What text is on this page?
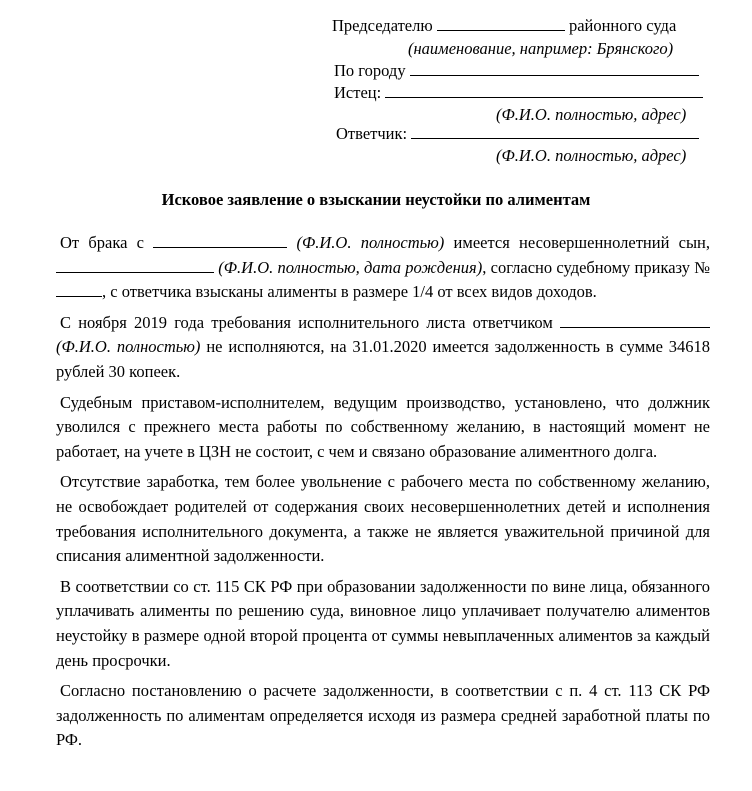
Председателю	районного суда
(наименование, например: Брянского)
По городу
Истец:
(Ф.И.О. полностью, адрес)
Ответчик:
(Ф.И.О. полностью, адрес)
Исковое заявление о взыскании неустойки по алиментам

От брака с	(Ф.И.О. полностью) имеется несовершеннолетний сын,  (Ф.И.О. полностью, дата рождения), согласно судебному приказу № , с ответчика взысканы алименты в размере 1/4 от всех видов доходов.

С ноября 2019 года требования исполнительного листа ответчиком  (Ф.И.О. полностью) не исполняются, на 31.01.2020 имеется задолженность в сумме 34618 рублей 30 копеек.

Судебным приставом-исполнителем, ведущим производство, установлено, что должник уволился с прежнего места работы по собственному желанию, в настоящий момент не работает, на учете в ЦЗН не состоит, с чем и связано образование алиментного долга.

Отсутствие заработка, тем более увольнение с рабочего места по собственному желанию, не освобождает родителей от содержания своих несовершеннолетних детей и исполнения требования исполнительного документа, а также не является уважительной причиной для списания алиментной задолженности.

В соответствии со ст. 115 СК РФ при образовании задолженности по вине лица, обязанного уплачивать алименты по решению суда, виновное лицо уплачивает получателю алиментов неустойку в размере одной второй процента от суммы невыплаченных алиментов за каждый день просрочки.

Согласно постановлению о расчете задолженности, в соответствии с п. 4 ст. 113 СК РФ задолженность по алиментам определяется исходя из размера средней заработной платы по РФ.
